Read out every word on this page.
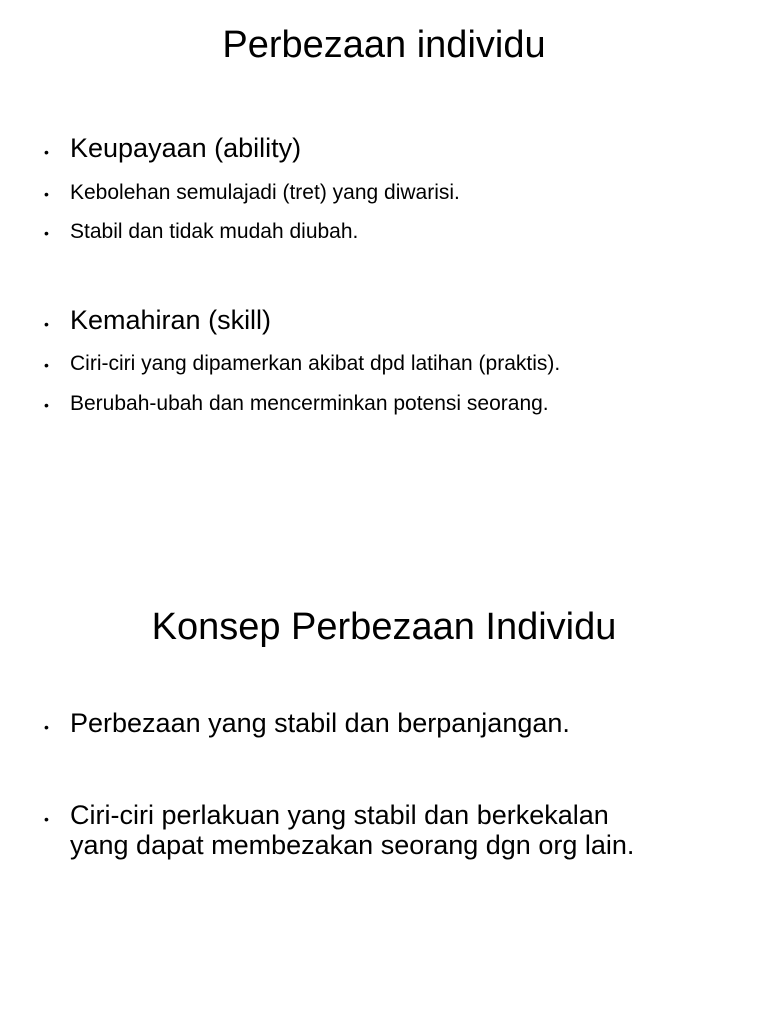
Perbezaan individu

• Keupayaan (ability)

• Kebolehan semulajadi (tret) yang diwarisi.

• Stabil dan tidak mudah diubah.

• Kemahiran (skill)

• Ciri-ciri yang dipamerkan akibat dpd latihan (praktis).

• Berubah-ubah dan mencerminkan potensi seorang.

Konsep Perbezaan Individu

• Perbezaan yang stabil dan berpanjangan.

• Ciri-ciri perlakuan yang stabil dan berkekalan
yang dapat membezakan seorang dgn org lain.
